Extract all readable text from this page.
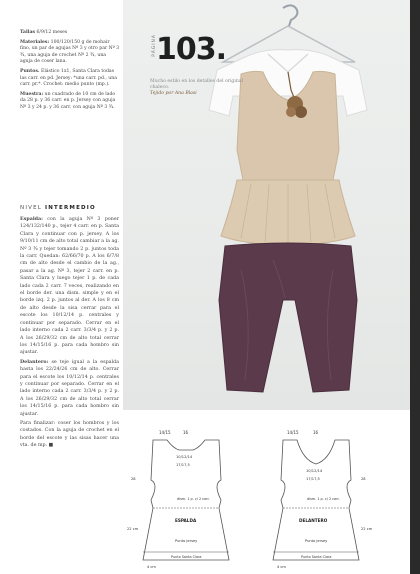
Tallas 6/9/12 meses

Materiales: 100/120/150 g de mohair fino, un par de agujas Nº 3 y otro par Nº 3 ¾, una aguja de crochet Nº 2 ¾, una aguja de coser lana.

Puntos. Elástico 1x1, Santa Clara todas las carr. en pd. Jersey: *una carr. pd., una carr. pr.*. Crochet: medio punto (mp.).

Muestra: un cuadrado de 10 cm de lado da 28 p. y 36 carr. en p. Jersey con aguja Nº 3 y 24 p. y 36 carr. con aguja Nº 3 ¾.

NIVEL INTERMEDIO

Espalda: con la aguja Nº 3 poner 124/132/140 p., tejer 4 carr. en p. Santa Clara y continuar con p. jersey. A los 9/10/11 cm de alto total cambiar a la ag. Nº 3 ¾ y tejer tomando 2 p. juntos toda la carr. Quedan: 62/66/70 p. A los 6/7/8 cm de alto desde el cambio de la ag., pasar a la ag. Nº 3, tejer 2 carr. en p. Santa Clara y luego tejer 1 p. de cada lado cada 2 carr. 7 veces, realizando en el borde der. una dism. simple y en el borde izq. 2 p. juntos al der. A los 8 cm de alto desde la sisa cerrar para el escote los 10/12/14 p. centrales y continuar por separado. Cerrar en el lado interno cada 2 carr. 3/3/4 p. y 2 p. A los 26/29/32 cm de alto total cerrar los 14/15/16 p. para cada hombro sin ajustar.

Delantero: se teje igual a la espalda hasta los 22/24/26 cm de alto. Cerrar para el escote los 10/12/14 p. centrales y continuar por separado. Cerrar en el lado interno cada 2 carr. 3/3/4 p. y 2 p. A los 26/29/32 cm de alto total cerrar los 14/15/16 p. para cada hombro sin ajustar.

Para finalizar: coser los hombros y los costados. Con la aguja de crochet en el borde del escote y las sisas hacer una vta. de mp. ■

PÁGINA 103.
Mucho estilo en los detalles del original chaleco.
Tejido por Ana Blasi
14/15	16
10/12/14
17/17,5
dism. 1 p. c/ 2 carr.
ESPALDA
Punto jersey
Punto Santa Clara
28
22 cm
4 cm
14/15	16
10/12/14
17/17,5
dism. 1 p. c/ 2 carr.
DELANTERO
Punto jersey
Punto Santa Clara
28
22 cm
4 cm
